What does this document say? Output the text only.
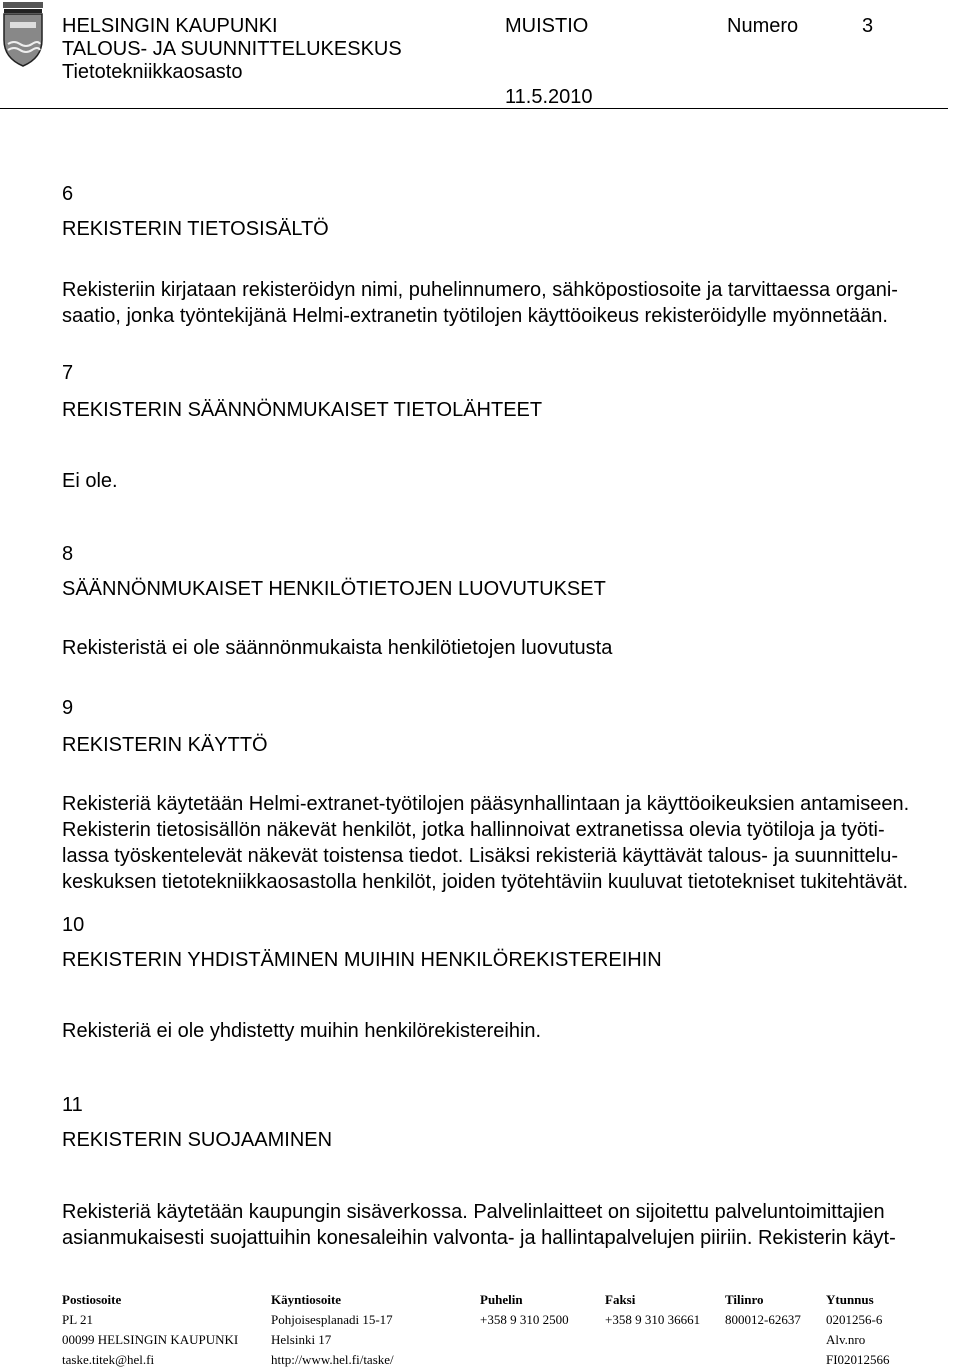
HELSINGIN KAUPUNKI
TALOUS- JA SUUNNITTELUKESKUS
Tietotekniikkaosasto
MUISTIO	Numero	3
11.5.2010
6
REKISTERIN TIETOSISÄLTÖ
Rekisteriin kirjataan rekisteröidyn nimi, puhelinnumero, sähköpostiosoite ja tarvittaessa organi-
saatio, jonka työntekijänä Helmi-extranetin työtilojen käyttöoikeus rekisteröidylle myönnetään.
7
REKISTERIN SÄÄNNÖNMUKAISET TIETOLÄHTEET
Ei ole.
8
SÄÄNNÖNMUKAISET HENKILÖTIETOJEN LUOVUTUKSET
Rekisteristä ei ole säännönmukaista henkilötietojen luovutusta
9
REKISTERIN KÄYTTÖ
Rekisteriä käytetään Helmi-extranet-työtilojen pääsynhallintaan ja käyttöoikeuksien antamiseen.
Rekisterin tietosisällön näkevät henkilöt, jotka hallinnoivat extranetissa olevia työtiloja ja työti-
lassa työskentelevät näkevät toistensa tiedot. Lisäksi rekisteriä käyttävät talous- ja suunnittelu-
keskuksen tietotekniikkaosastolla henkilöt, joiden työtehtäviin kuuluvat tietotekniset tukitehtävät.
10
REKISTERIN YHDISTÄMINEN MUIHIN HENKILÖREKISTEREIHIN
Rekisteriä ei ole yhdistetty muihin henkilörekistereihin.
11
REKISTERIN SUOJAAMINEN
Rekisteriä käytetään kaupungin sisäverkossa. Palvelinlaitteet on sijoitettu palveluntoimittajien
asianmukaisesti suojattuihin konesaleihin valvonta- ja hallintapalvelujen piiriin. Rekisterin käyt-
Postiosoite
PL 21
00099 HELSINGIN KAUPUNKI
taske.titek@hel.fi
Käyntiosoite
Pohjoisesplanadi 15-17
Helsinki 17
http://www.hel.fi/taske/
Puhelin
+358 9 310 2500
Faksi
+358 9 310 36661
Tilinro
800012-62637
Ytunnus
0201256-6
Alv.nro
FI02012566
